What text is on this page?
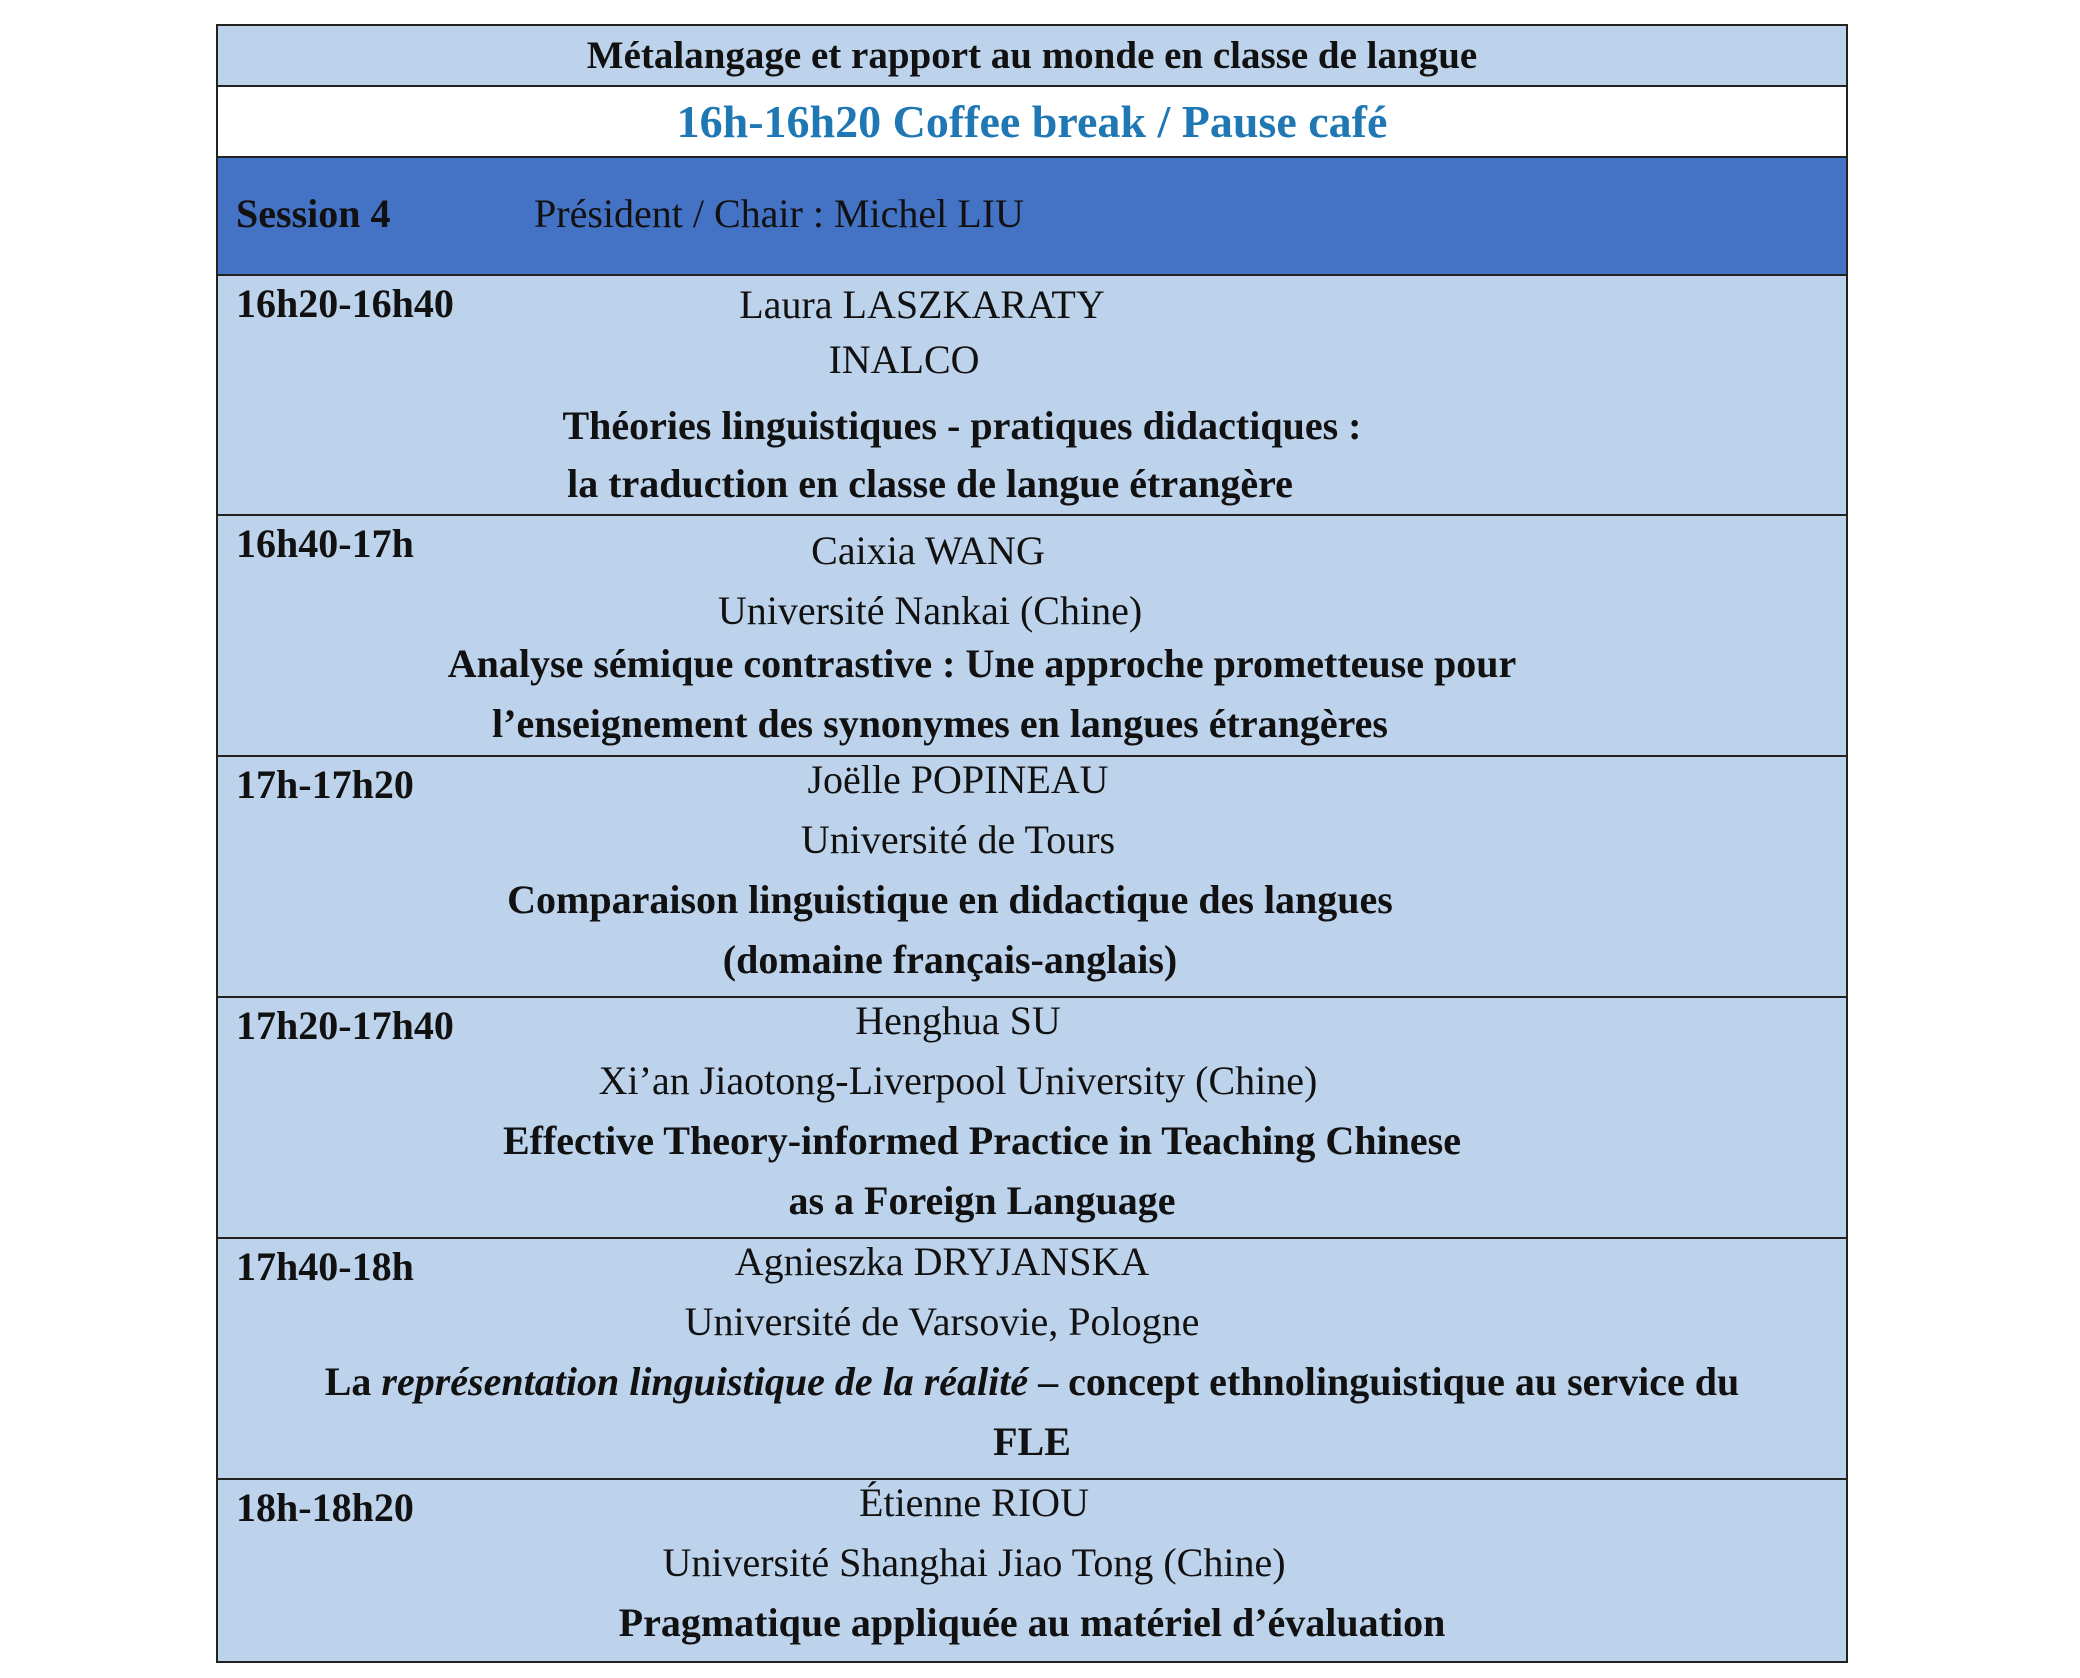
Métalangage et rapport au monde en classe de langue
16h-16h20 Coffee break / Pause café
Session 4	Président / Chair : Michel LIU
16h20-16h40	Laura LASZKARATY
INALCO
Théories linguistiques - pratiques didactiques :
la traduction en classe de langue étrangère
16h40-17h	Caixia WANG
Université Nankai (Chine)
Analyse sémique contrastive : Une approche prometteuse pour
l’enseignement des synonymes en langues étrangères
17h-17h20	Joëlle POPINEAU
Université de Tours
Comparaison linguistique en didactique des langues
(domaine français-anglais)
17h20-17h40	Henghua SU
Xi’an Jiaotong-Liverpool University (Chine)
Effective Theory-informed Practice in Teaching Chinese
as a Foreign Language
17h40-18h	Agnieszka DRYJANSKA
Université de Varsovie, Pologne
La représentation linguistique de la réalité – concept ethnolinguistique au service du
FLE
18h-18h20	Étienne RIOU
Université Shanghai Jiao Tong (Chine)
Pragmatique appliquée au matériel d’évaluation
